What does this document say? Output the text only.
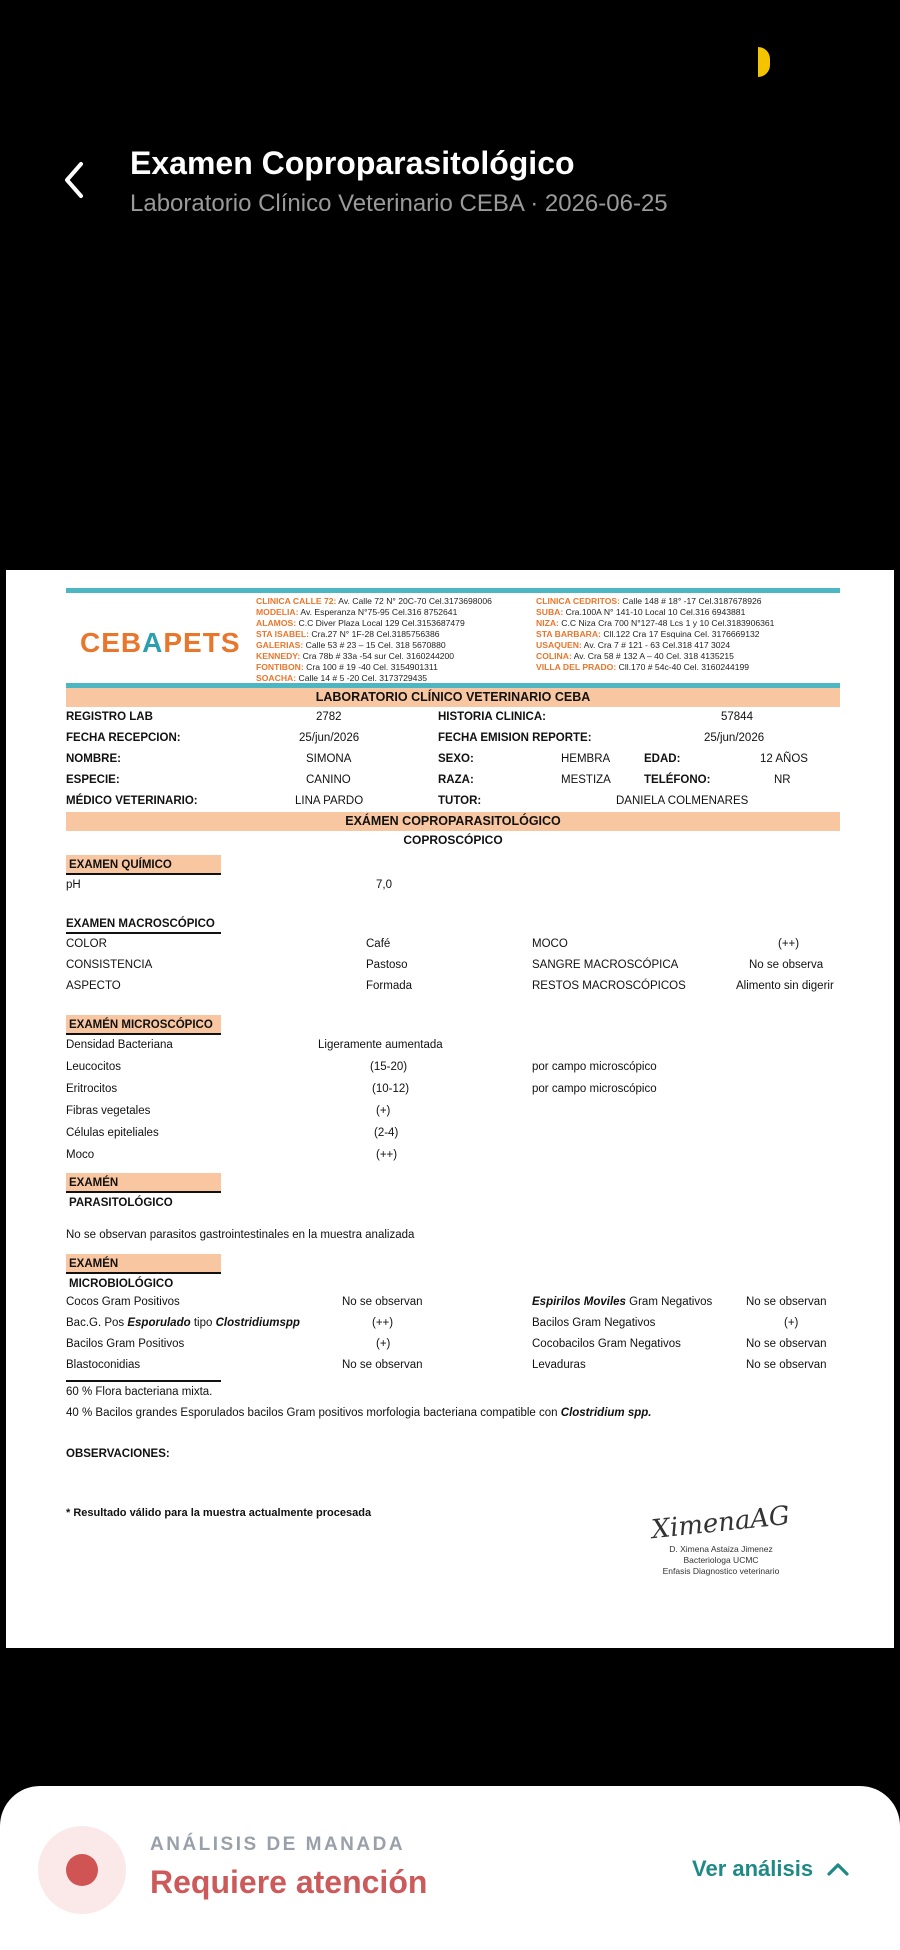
Examen Coproparasitológico
Laboratorio Clínico Veterinario CEBA · 2026-06-25
CEBAPETS
CLINICA CALLE 72: Av. Calle 72 N° 20C-70 Cel.3173698006
MODELIA: Av. Esperanza N°75-95 Cel.316 8752641
ALAMOS: C.C Diver Plaza Local 129 Cel.3153687479
STA ISABEL: Cra.27 N° 1F-28 Cel.3185756386
GALERIAS: Calle 53 # 23 – 15 Cel. 318 5670880
KENNEDY: Cra 78b # 33a -54 sur Cel. 3160244200
FONTIBON: Cra 100 # 19 -40 Cel. 3154901311
SOACHA: Calle 14 # 5 -20 Cel. 3173729435
CLINICA CEDRITOS: Calle 148 # 18° -17 Cel.3187678926
SUBA: Cra.100A N° 141-10 Local 10 Cel.316 6943881
NIZA: C.C Niza Cra 700 N°127-48 Lcs 1 y 10 Cel.3183906361
STA BARBARA: Cll.122 Cra 17 Esquina Cel. 3176669132
USAQUEN: Av. Cra 7 # 121 - 63 Cel.318 417 3024
COLINA: Av. Cra 58 # 132 A – 40 Cel. 318 4135215
VILLA DEL PRADO: Cll.170 # 54c-40 Cel. 3160244199
LABORATORIO CLÍNICO VETERINARIO CEBA
REGISTRO LAB	2782	HISTORIA CLINICA:	57844
FECHA RECEPCION:	25/jun/2026	FECHA EMISION REPORTE:	25/jun/2026
NOMBRE:	SIMONA	SEXO:	HEMBRA	EDAD:	12 AÑOS
ESPECIE:	CANINO	RAZA:	MESTIZA	TELÉFONO:	NR
MÉDICO VETERINARIO:	LINA PARDO	TUTOR:	DANIELA COLMENARES
EXÁMEN COPROPARASITOLÓGICO
COPROSCÓPICO
EXAMEN QUÍMICO
pH	7,0
EXAMEN MACROSCÓPICO
COLOR	Café	MOCO	(++)
CONSISTENCIA	Pastoso	SANGRE MACROSCÓPICA	No se observa
ASPECTO	Formada	RESTOS MACROSCÓPICOS	Alimento sin digerir
EXAMÉN MICROSCÓPICO
Densidad Bacteriana	Ligeramente aumentada
Leucocitos	(15-20)	por campo microscópico
Eritrocitos	(10-12)	por campo microscópico
Fibras vegetales	(+)
Células epiteliales	(2-4)
Moco	(++)
EXAMÉN PARASITOLÓGICO
No se observan parasitos gastrointestinales en la muestra analizada
EXAMÉN MICROBIOLÓGICO
Cocos Gram Positivos	No se observan	Espirilos Moviles Gram Negativos	No se observan
Bac.G. Pos Esporulado tipo Clostridiumspp	(++)	Bacilos Gram Negativos	(+)
Bacilos Gram Positivos	(+)	Cocobacilos Gram Negativos	No se observan
Blastoconidias	No se observan	Levaduras	No se observan
60 % Flora bacteriana mixta.
40 % Bacilos grandes Esporulados bacilos Gram positivos morfologia bacteriana compatible con Clostridium spp.
OBSERVACIONES:
* Resultado válido para la muestra actualmente procesada	XimenaAG
D. Ximena Astaiza Jimenez
Bacteriologa UCMC
Enfasis Diagnostico veterinario
ANÁLISIS DE MANADA
Requiere atención	Ver análisis
